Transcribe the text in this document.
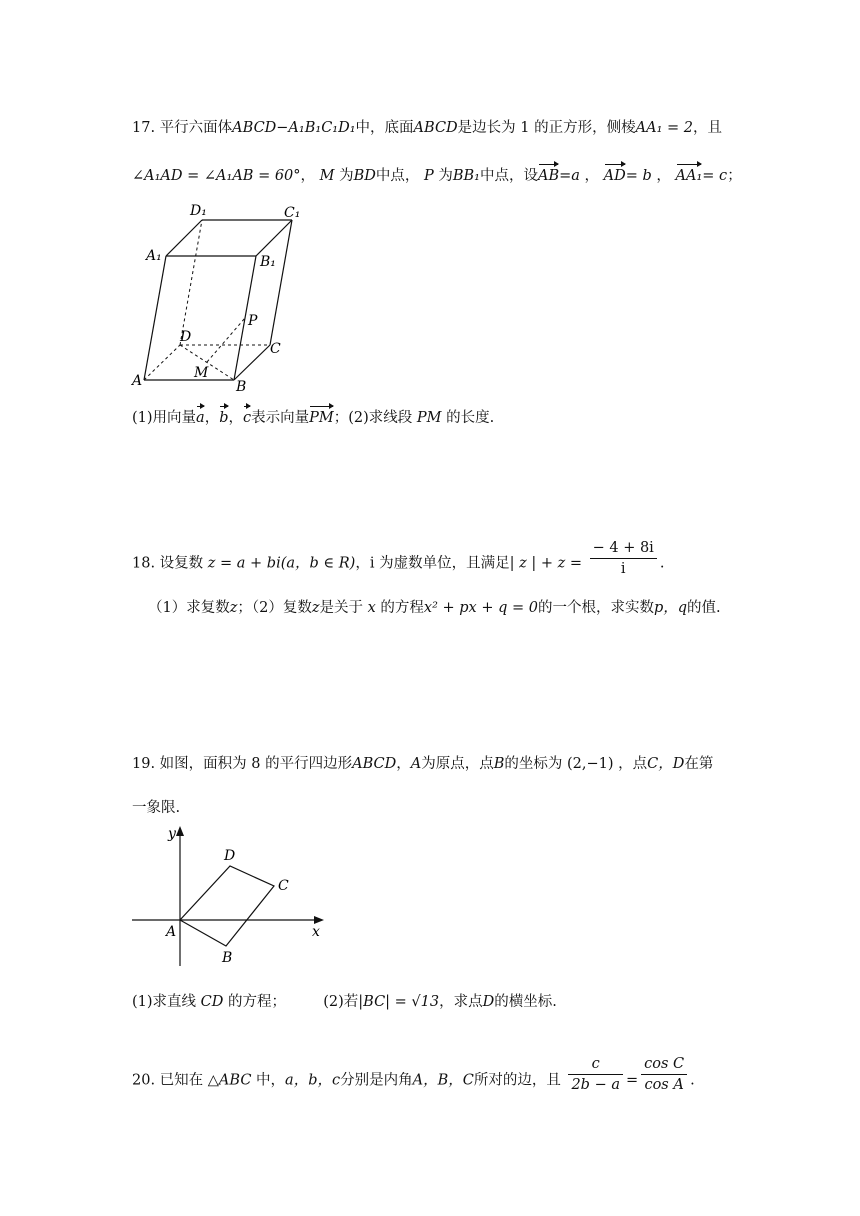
17. 平行六面体ABCD−A₁B₁C₁D₁中，底面ABCD是边长为 1 的正方形，侧棱AA₁ = 2，且
∠A₁AD = ∠A₁AB = 60°， M 为BD中点， P 为BB₁中点，设AB=a ， AD= b ， AA₁= c；
D₁	C₁
A₁	B₁
P
D
C
A	M
B
(1)用向量a，b，c表示向量PM；(2)求线段 PM 的长度.
18. 设复数 z = a + bi(a，b ∈ R)，i 为虚数单位，且满足| z | + $z = \frac{- 4 + 8i}{i}$ .
（1）求复数z；（2）复数z是关于 x 的方程x² + px + q = 0的一个根，求实数p，q的值.
19. 如图，面积为 8 的平行四边形ABCD，A为原点，点B的坐标为 (2,−1) ，点C，D在第
一象限.
y
x
A
B
C
D
(1)求直线 CD 的方程；	(2)若|BC| = √13，求点D的横坐标.
20. 已知在 △ABC 中，a，b，c分别是内角A，B，C所对的边，且 $\frac{c}{2b - a} = \frac{\text{cos C}}{\text{cos A}}$ .
